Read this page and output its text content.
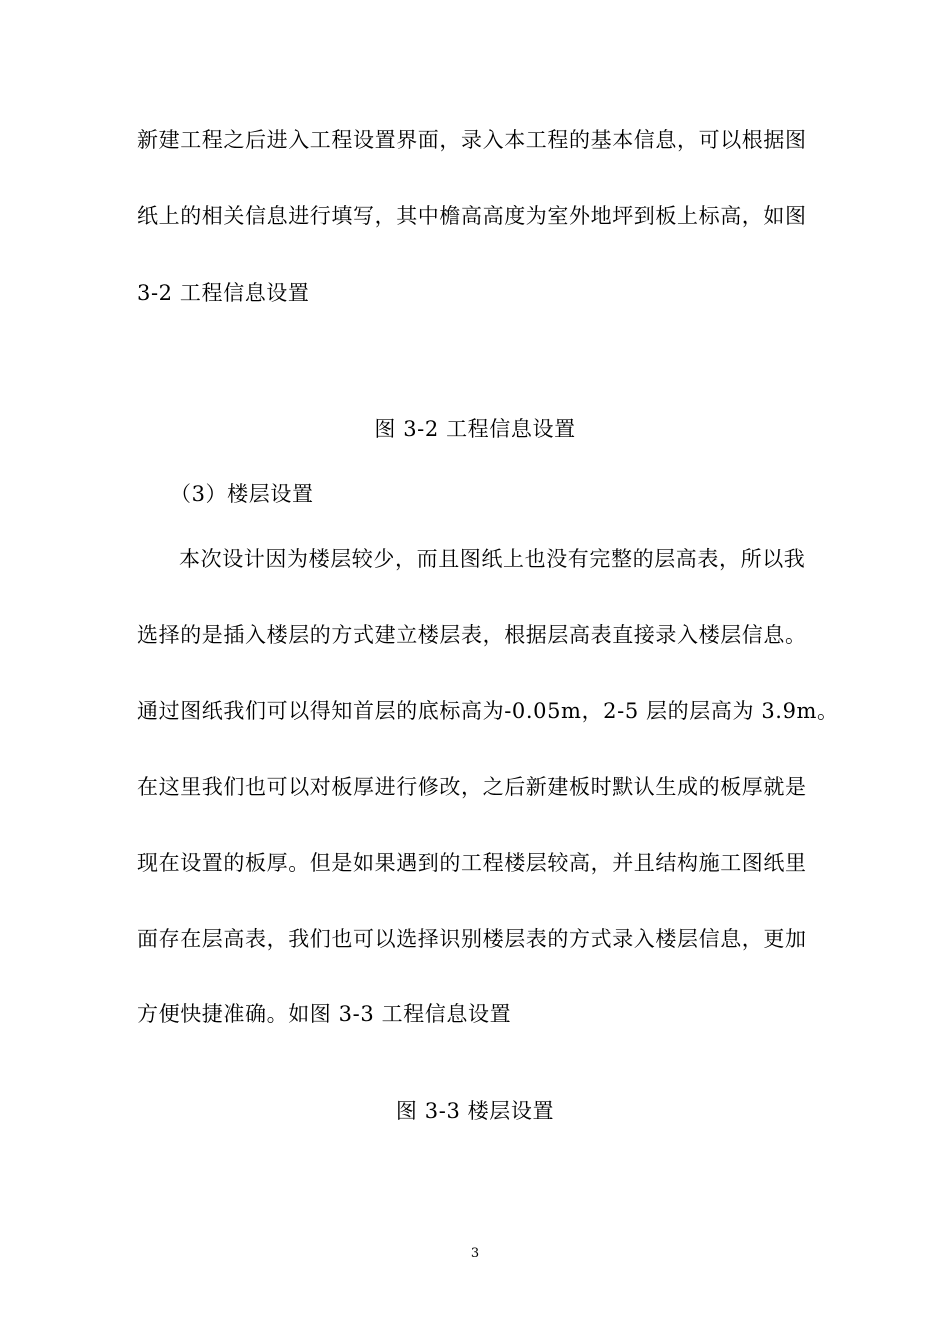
新建工程之后进入工程设置界面，录入本工程的基本信息，可以根据图
纸上的相关信息进行填写，其中檐高高度为室外地坪到板上标高，如图
3-2 工程信息设置
图 3-2 工程信息设置
（3）楼层设置
本次设计因为楼层较少，而且图纸上也没有完整的层高表，所以我
选择的是插入楼层的方式建立楼层表，根据层高表直接录入楼层信息。
通过图纸我们可以得知首层的底标高为-0.05m，2-5 层的层高为 3.9m。
在这里我们也可以对板厚进行修改，之后新建板时默认生成的板厚就是
现在设置的板厚。但是如果遇到的工程楼层较高，并且结构施工图纸里
面存在层高表，我们也可以选择识别楼层表的方式录入楼层信息，更加
方便快捷准确。如图 3-3 工程信息设置
图 3-3 楼层设置
3
